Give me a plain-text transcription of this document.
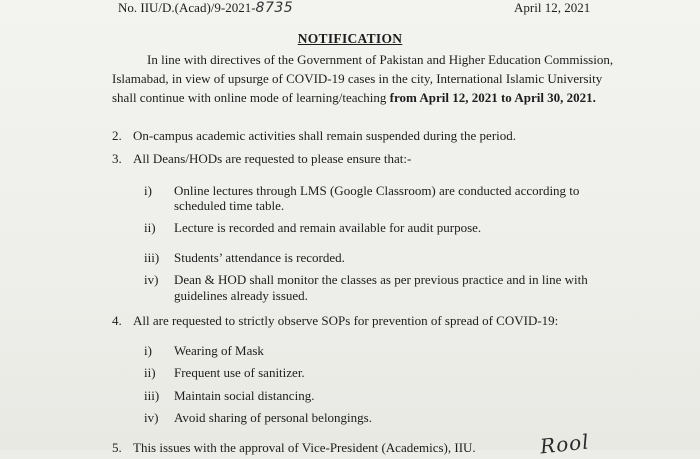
No. IIU/D.(Acad)/9-2021-8735	April 12, 2021
NOTIFICATION
In line with directives of the Government of Pakistan and Higher Education Commission,
Islamabad, in view of upsurge of COVID-19 cases in the city, International Islamic University
shall continue with online mode of learning/teaching from April 12, 2021 to April 30, 2021.
2. On-campus academic activities shall remain suspended during the period.
3. All Deans/HODs are requested to please ensure that:-
i) Online lectures through LMS (Google Classroom) are conducted according to
scheduled time table.
ii) Lecture is recorded and remain available for audit purpose.
iii) Students’ attendance is recorded.
iv) Dean & HOD shall monitor the classes as per previous practice and in line with
guidelines already issued.
4. All are requested to strictly observe SOPs for prevention of spread of COVID-19:
i) Wearing of Mask
ii) Frequent use of sanitizer.
iii) Maintain social distancing.
iv) Avoid sharing of personal belongings.
5. This issues with the approval of Vice-President (Academics), IIU.	Rool
